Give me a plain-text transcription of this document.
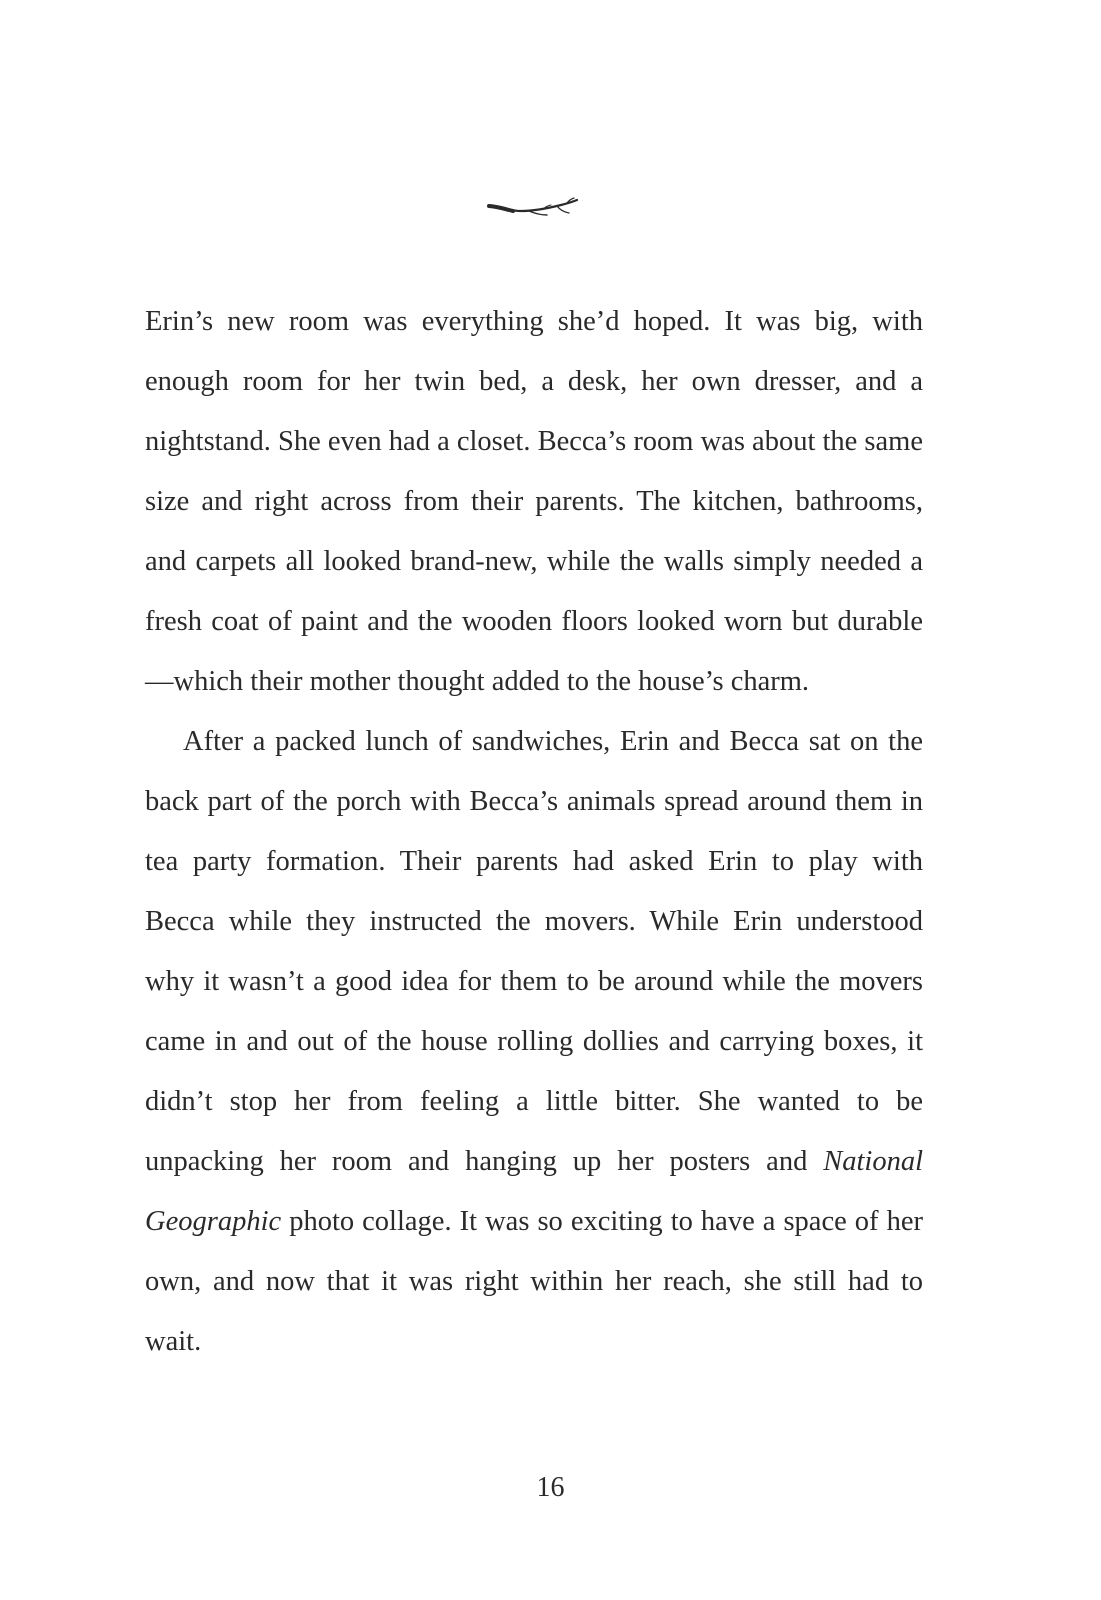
Erin’s new room was everything she’d hoped. It was big, with enough room for her twin bed, a desk, her own dresser, and a nightstand. She even had a closet. Becca’s room was about the same size and right across from their parents. The kitchen, bathrooms, and carpets all looked brand-new, while the walls simply needed a fresh coat of paint and the wooden floors looked worn but durable—which their mother thought added to the house’s charm.

After a packed lunch of sandwiches, Erin and Becca sat on the back part of the porch with Becca’s animals spread around them in tea party formation. Their parents had asked Erin to play with Becca while they instructed the movers. While Erin understood why it wasn’t a good idea for them to be around while the movers came in and out of the house rolling dollies and carrying boxes, it didn’t stop her from feeling a little bitter. She wanted to be unpacking her room and hanging up her posters and National Geographic photo collage. It was so exciting to have a space of her own, and now that it was right within her reach, she still had to wait.

16
